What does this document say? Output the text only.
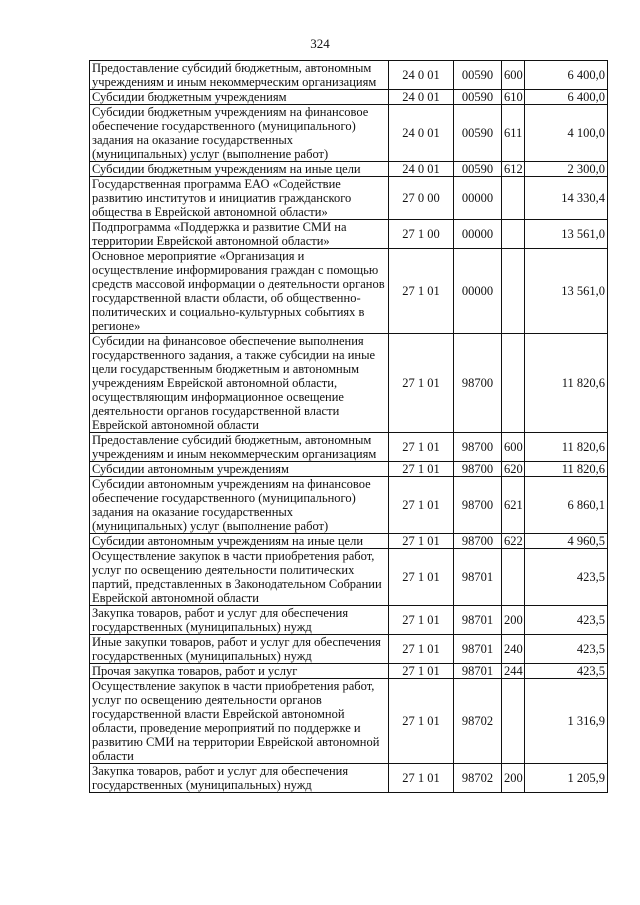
324
Предоставление субсидий бюджетным, автономным учреждениям и иным некоммерческим организациям	24 0 01	00590	600	6 400,0
Субсидии бюджетным учреждениям	24 0 01	00590	610	6 400,0
Субсидии бюджетным учреждениям на финансовое обеспечение государственного (муниципального) задания на оказание государственных (муниципальных) услуг (выполнение работ)	24 0 01	00590	611	4 100,0
Субсидии бюджетным учреждениям на иные цели	24 0 01	00590	612	2 300,0
Государственная программа ЕАО «Содействие развитию институтов и инициатив гражданского общества в Еврейской автономной области»	27 0 00	00000		14 330,4
Подпрограмма «Поддержка и развитие СМИ на территории Еврейской автономной области»	27 1 00	00000		13 561,0
Основное мероприятие «Организация и осуществление информирования граждан с помощью средств массовой информации о деятельности органов государственной власти области, об общественно-политических и социально-культурных событиях в регионе»	27 1 01	00000		13 561,0
Субсидии на финансовое обеспечение выполнения государственного задания, а также субсидии на иные цели государственным бюджетным и автономным учреждениям Еврейской автономной области, осуществляющим информационное освещение деятельности органов государственной власти Еврейской автономной области	27 1 01	98700		11 820,6
Предоставление субсидий бюджетным, автономным учреждениям и иным некоммерческим организациям	27 1 01	98700	600	11 820,6
Субсидии автономным учреждениям	27 1 01	98700	620	11 820,6
Субсидии автономным учреждениям на финансовое обеспечение государственного (муниципального) задания на оказание государственных (муниципальных) услуг (выполнение работ)	27 1 01	98700	621	6 860,1
Субсидии автономным учреждениям на иные цели	27 1 01	98700	622	4 960,5
Осуществление закупок в части приобретения работ, услуг по освещению деятельности политических партий, представленных в Законодательном Собрании Еврейской автономной области	27 1 01	98701		423,5
Закупка товаров, работ и услуг для обеспечения государственных (муниципальных) нужд	27 1 01	98701	200	423,5
Иные закупки товаров, работ и услуг для обеспечения государственных (муниципальных) нужд	27 1 01	98701	240	423,5
Прочая закупка товаров, работ и услуг	27 1 01	98701	244	423,5
Осуществление закупок в части приобретения работ, услуг по освещению деятельности органов государственной власти Еврейской автономной области, проведение мероприятий по поддержке и развитию СМИ на территории Еврейской автономной области	27 1 01	98702		1 316,9
Закупка товаров, работ и услуг для обеспечения государственных (муниципальных) нужд	27 1 01	98702	200	1 205,9
